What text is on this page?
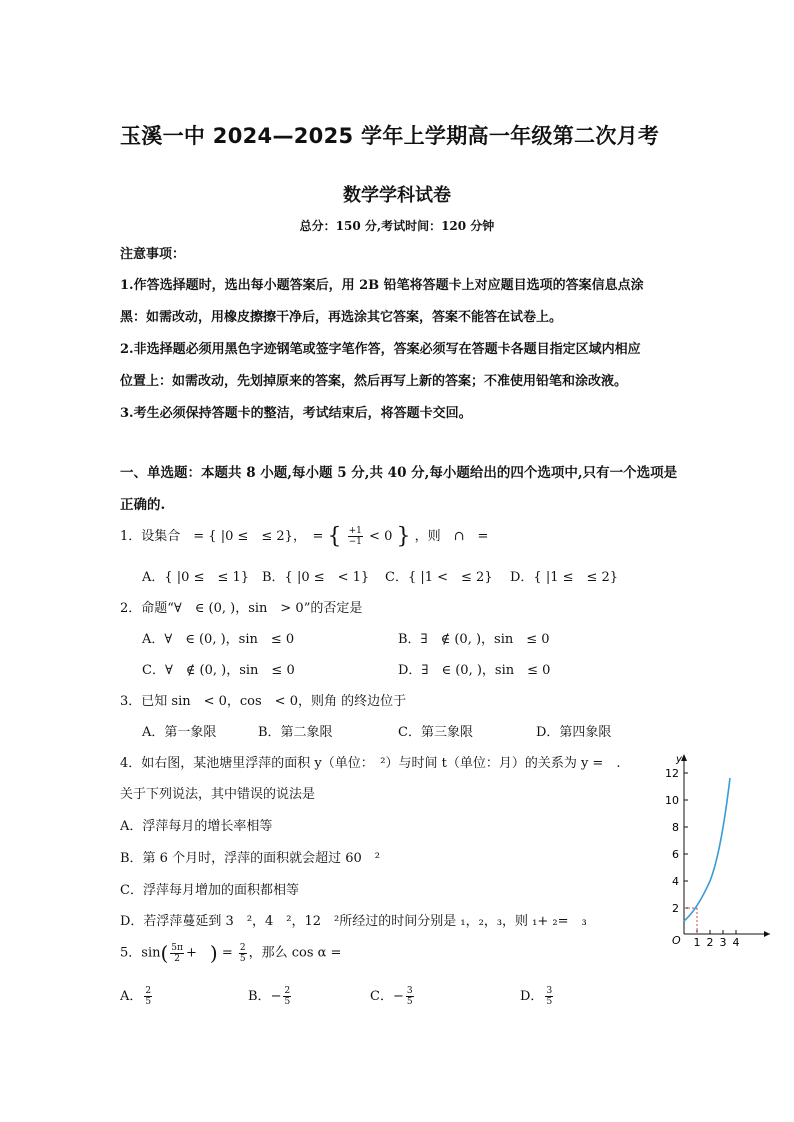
玉溪一中 2024—2025 学年上学期高一年级第二次月考
数学学科试卷
总分：150 分,考试时间：120 分钟
注意事项：
1.作答选择题时，选出每小题答案后，用 2B 铅笔将答题卡上对应题目选项的答案信息点涂
黑：如需改动，用橡皮擦擦干净后，再选涂其它答案，答案不能答在试卷上。
2.非选择题必须用黑色字迹钢笔或签字笔作答，答案必须写在答题卡各题目指定区域内相应
位置上：如需改动，先划掉原来的答案，然后再写上新的答案；不准使用铅笔和涂改液。
3.考生必须保持答题卡的整洁，考试结束后，将答题卡交回。
一、单选题：本题共 8 小题,每小题 5 分,共 40 分,每小题给出的四个选项中,只有一个选项是
正确的.
1．设集合　= { |0 ≤　≤ 2}，　= { $\frac{+1}{-1} < 0$ } ，则　∩　=
A．{ |0 ≤　≤ 1} B．{ |0 ≤　< 1} C．{ |1 <　≤ 2} D．{ |1 ≤　≤ 2}
2．命题“∀　∈ (0, )，sin　> 0”的否定是
A．∀　∈ (0, )，sin　≤ 0	B．∃　∉ (0, )，sin　≤ 0
C．∀　∉ (0, )，sin　≤ 0	D．∃　∈ (0, )，sin　≤ 0
3．已知 sin　< 0，cos　< 0，则角 的终边位于
A．第一象限	B．第二象限	C．第三象限	D．第四象限
4．如右图，某池塘里浮萍的面积 y（单位：　²）与时间 t（单位：月）的关系为 y =　.
关于下列说法，其中错误的说法是
A．浮萍每月的增长率相等
B．第 6 个月时，浮萍的面积就会超过 60　²
C．浮萍每月增加的面积都相等
D．若浮萍蔓延到 3　²，4　²，12　²所经过的时间分别是 ₁，₂，₃，则 ₁+ ₂=　₃
5．$\sin( \frac{5\pi}{2}$ +　) = $\frac{2}{5}$ ，那么 cos α =
A． $\frac{2}{5}$	B．− $\frac{2}{5}$	C．− $\frac{3}{5}$	D． $\frac{3}{5}$
y
O
2
4
6
8
10
12
1 2 3 4
